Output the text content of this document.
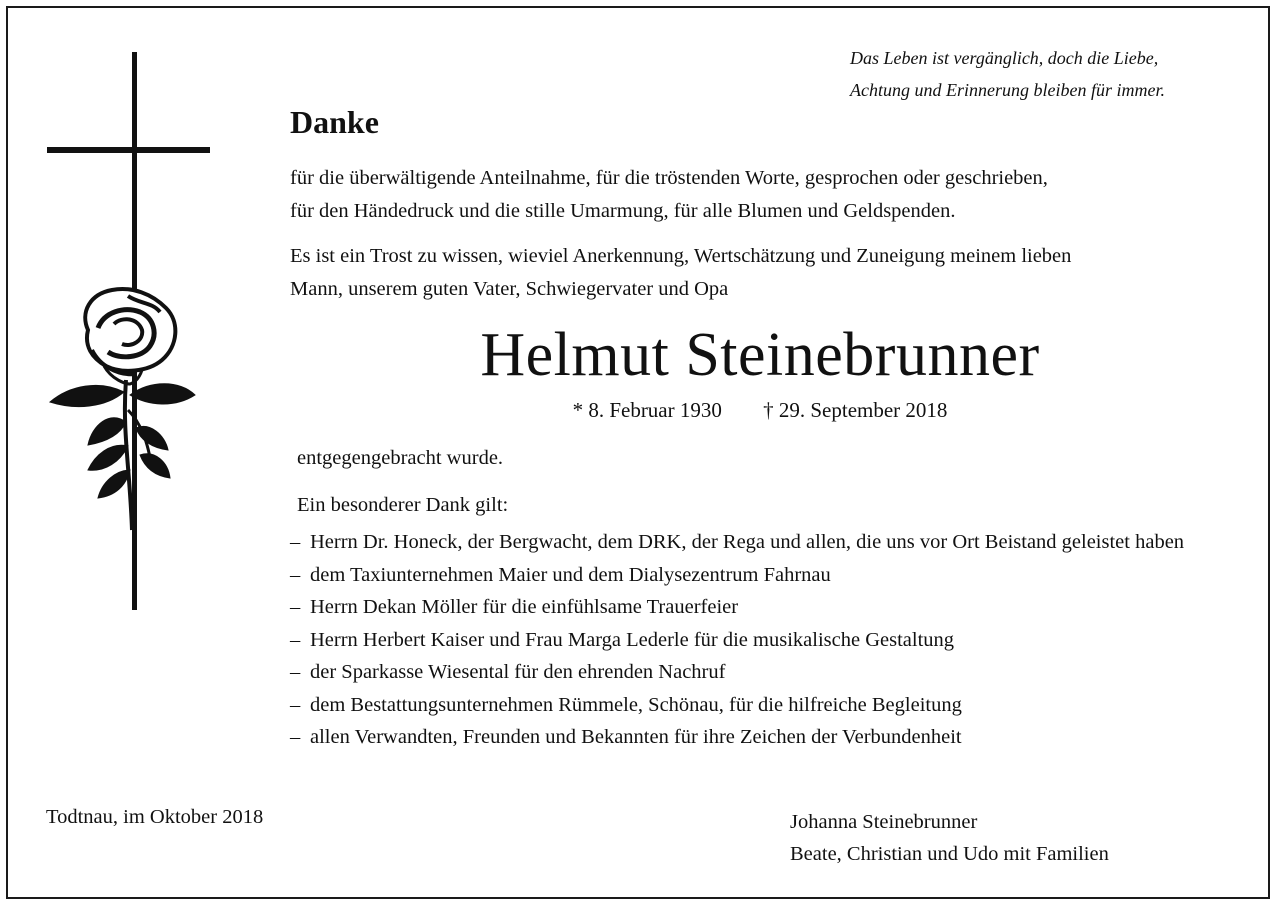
Das Leben ist vergänglich, doch die Liebe,
Achtung und Erinnerung bleiben für immer.
Danke
für die überwältigende Anteilnahme, für die tröstenden Worte, gesprochen oder geschrieben,
für den Händedruck und die stille Umarmung, für alle Blumen und Geldspenden.
Es ist ein Trost zu wissen, wieviel Anerkennung, Wertschätzung und Zuneigung meinem lieben
Mann, unserem guten Vater, Schwiegervater und Opa
Helmut Steinebrunner
* 8. Februar 1930 † 29. September 2018
entgegengebracht wurde.
Ein besonderer Dank gilt:
– Herrn Dr. Honeck, der Bergwacht, dem DRK, der Rega und allen, die uns vor Ort Beistand geleistet haben
– dem Taxiunternehmen Maier und dem Dialysezentrum Fahrnau
– Herrn Dekan Möller für die einfühlsame Trauerfeier
– Herrn Herbert Kaiser und Frau Marga Lederle für die musikalische Gestaltung
– der Sparkasse Wiesental für den ehrenden Nachruf
– dem Bestattungsunternehmen Rümmele, Schönau, für die hilfreiche Begleitung
– allen Verwandten, Freunden und Bekannten für ihre Zeichen der Verbundenheit
Todtnau, im Oktober 2018	Johanna Steinebrunner
Beate, Christian und Udo mit Familien
